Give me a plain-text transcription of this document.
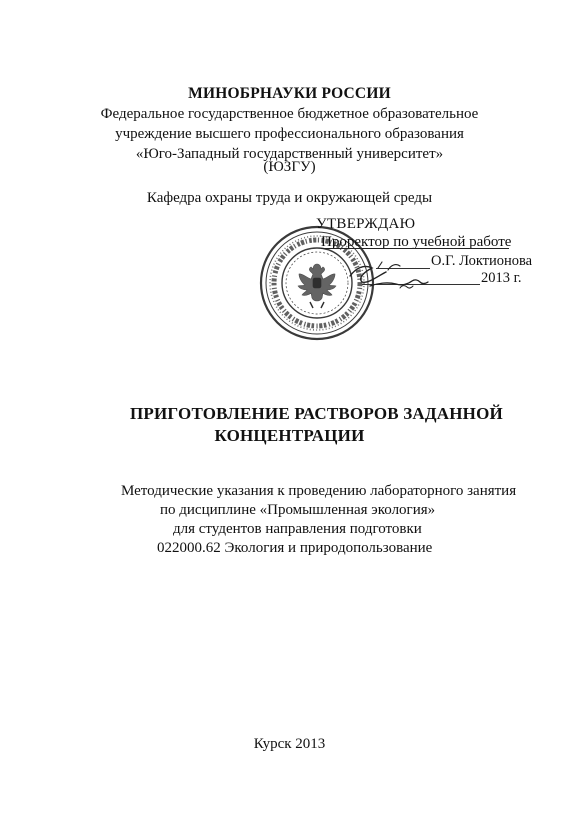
МИНОБРНАУКИ РОССИИ
Федеральное государственное бюджетное образовательное
учреждение высшего профессионального образования
«Юго-Западный государственный университет»
(ЮЗГУ)
Кафедра охраны труда и окружающей среды
УТВЕРЖДАЮ
Проректор по учебной работе
О.Г. Локтионова
2013 г.
ПРИГОТОВЛЕНИЕ РАСТВОРОВ ЗАДАННОЙ
КОНЦЕНТРАЦИИ
Методические указания к проведению лабораторного занятия
по дисциплине «Промышленная экология»
для студентов направления подготовки
022000.62 Экология и природопользование
Курск 2013
